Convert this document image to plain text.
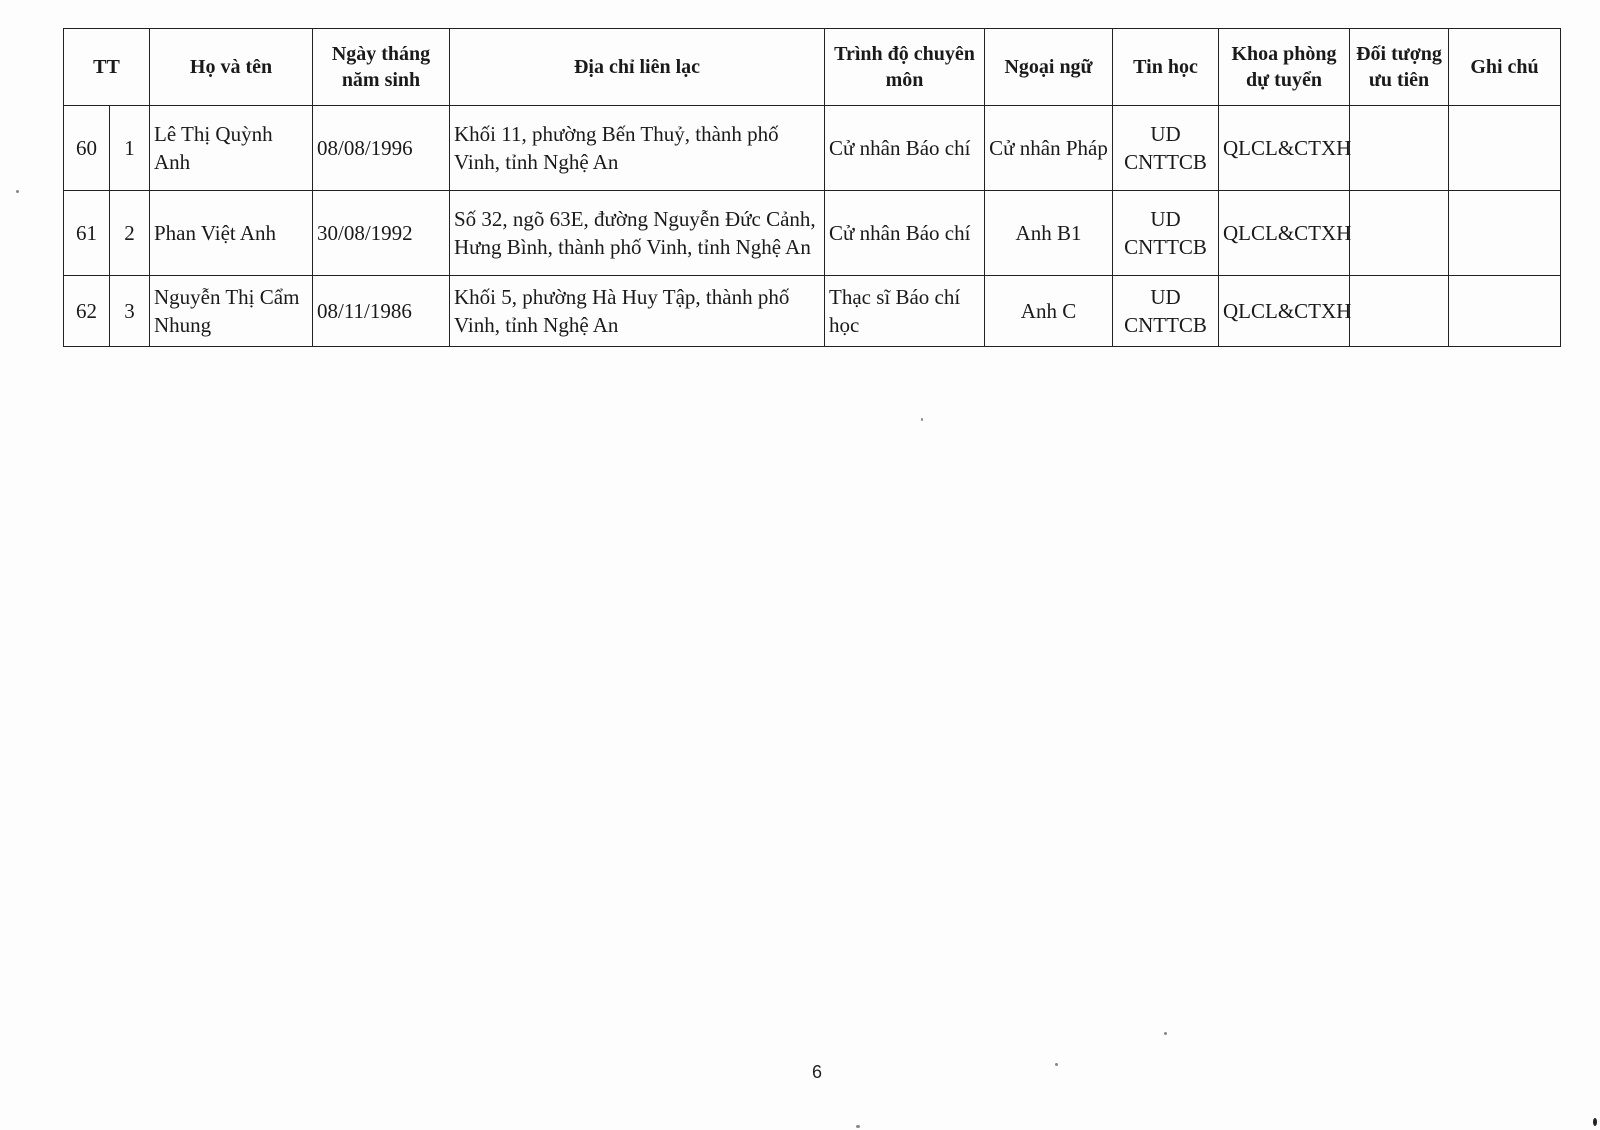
TT		Họ và tên	Ngày tháng năm sinh	Địa chỉ liên lạc	Trình độ chuyên môn	Ngoại ngữ	Tin học	Khoa phòng dự tuyển	Đối tượng ưu tiên	Ghi chú
60	1	Lê Thị Quỳnh Anh	08/08/1996	Khối 11, phường Bến Thuỷ, thành phố Vinh, tỉnh Nghệ An	Cử nhân Báo chí	Cử nhân Pháp	UD CNTTCB	QLCL&CTXH		
61	2	Phan Việt Anh	30/08/1992	Số 32, ngõ 63E, đường Nguyễn Đức Cảnh, Hưng Bình, thành phố Vinh, tỉnh Nghệ An	Cử nhân Báo chí	Anh B1	UD CNTTCB	QLCL&CTXH		
62	3	Nguyễn Thị Cẩm Nhung	08/11/1986	Khối 5, phường Hà Huy Tập, thành phố Vinh, tỉnh Nghệ An	Thạc sĩ Báo chí học	Anh C	UD CNTTCB	QLCL&CTXH		
6
